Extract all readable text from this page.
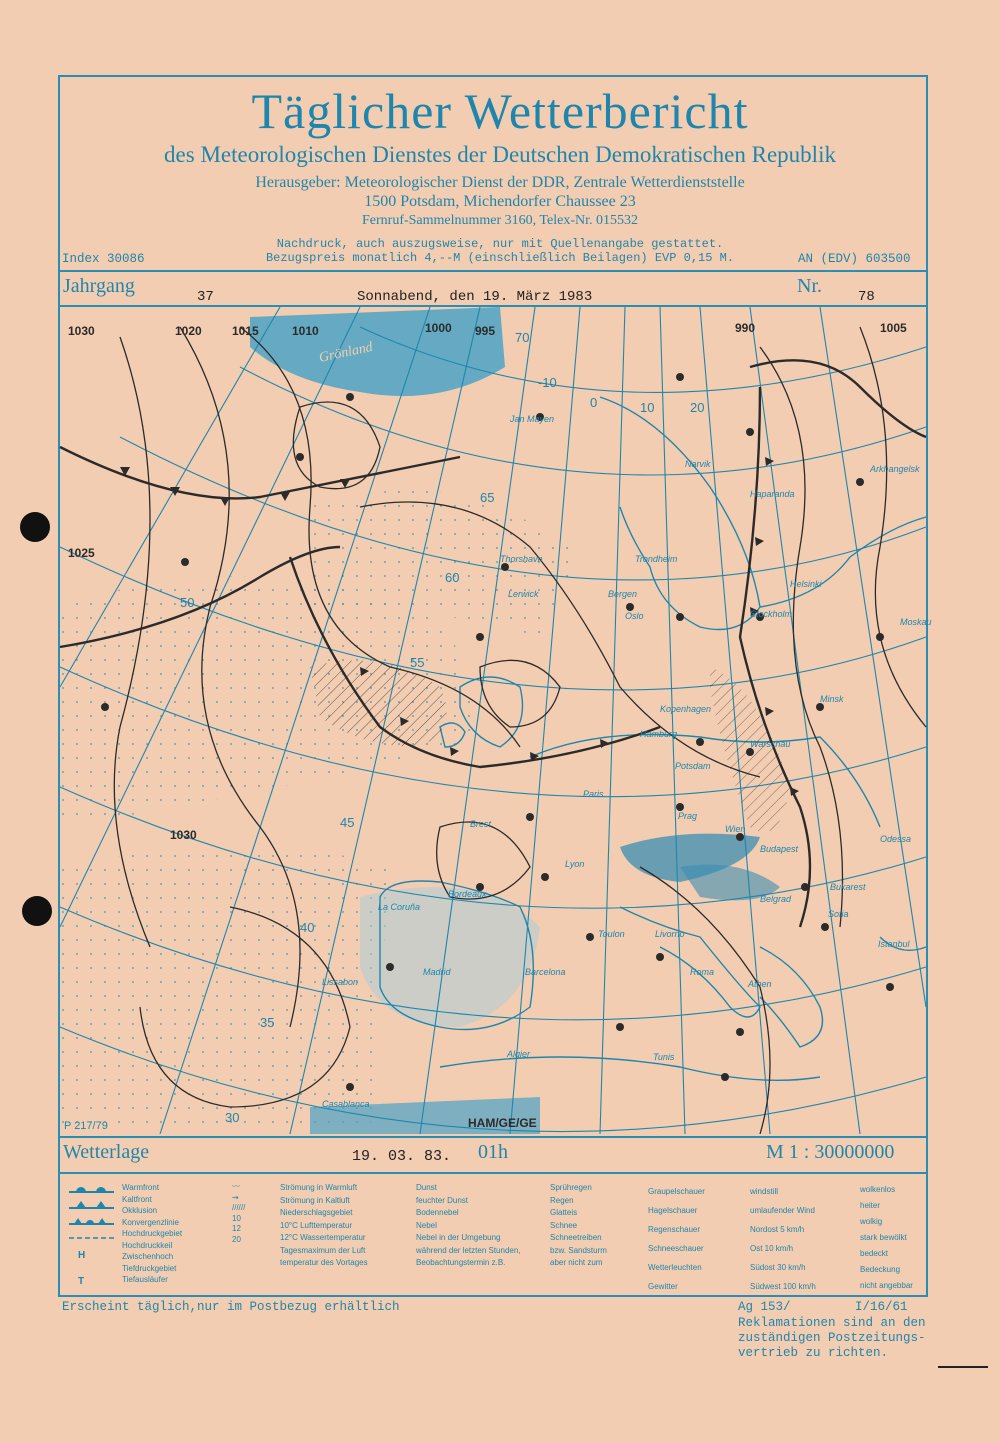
Täglicher Wetterbericht
des Meteorologischen Dienstes der Deutschen Demokratischen Republik
Herausgeber: Meteorologischer Dienst der DDR, Zentrale Wetterdienststelle
1500 Potsdam, Michendorfer Chaussee 23
Fernruf-Sammelnummer 3160, Telex-Nr. 015532
Nachdruck, auch auszugsweise, nur mit Quellenangabe gestattet.
Bezugspreis monatlich 4,--M (einschließlich Beilagen) EVP 0,15 M.
Index 30086	AN (EDV) 603500
Jahrgang	37	Sonnabend, den 19. März 1983	Nr.	78
Grönland
Jan Mayen
Narvik
Haparanda
Arkhangelsk
Thorshavn	Trondheim
Lerwick	Bergen
Oslo	Stockholm
Helsinki
Moskau
Kopenhagen
Minsk
Hamburg
Warschau
Potsdam
Brest
Paris
Prag
Wien
Odessa
Lyon
Budapest
Bordeaux	Belgrad
Bukarest
La Coruña
Sofia
Toulon	Livorno
Istanbul
Madrid	Barcelona	Roma
Athen
Lissabon
Tunis
Algier
Casablanca
1030	1020	1015	1010	1005
1000 995	990
1025
1030
70
65
60
55
50
45
40
35
30
20
10
0
-10
P 217/79	HAM/GE/GE
Wetterlage	19. 03. 83. 01h	M 1 : 30000000
H
T
Warmfront
Kaltfront
Okklusion
Konvergenzlinie
Hochdruckgebiet
Hochdruckkeil
Zwischenhoch
Tiefdruckgebiet
Tiefausläufer
〰
⇝
//////
10
12
20
Strömung in Warmluft
Strömung in Kaltluft
Niederschlagsgebiet
10°C Lufttemperatur
12°C Wassertemperatur
Tagesmaximum der Luft
temperatur des Vortages
Dunst
feuchter Dunst
Bodennebel
Nebel
Nebel in der Umgebung
während der letzten Stunden,
Beobachtungstermin z.B.
Sprühregen
Regen
Glatteis
Schnee
Schneetreiben
bzw. Sandsturm
aber nicht zum
Graupelschauer
Hagelschauer
Regenschauer
Schneeschauer
Wetterleuchten
Gewitter
windstill
umlaufender Wind
Nordost 5 km/h
Ost 10 km/h
Südost 30 km/h
Südwest 100 km/h
wolkenlos
heiter
wolkig
stark bewölkt
bedeckt
Bedeckung
nicht angebbar
Erscheint täglich,nur im Postbezug erhältlich	Ag 153/	I/16/61
Reklamationen sind an den
zuständigen Postzeitungs-
vertrieb zu richten.
